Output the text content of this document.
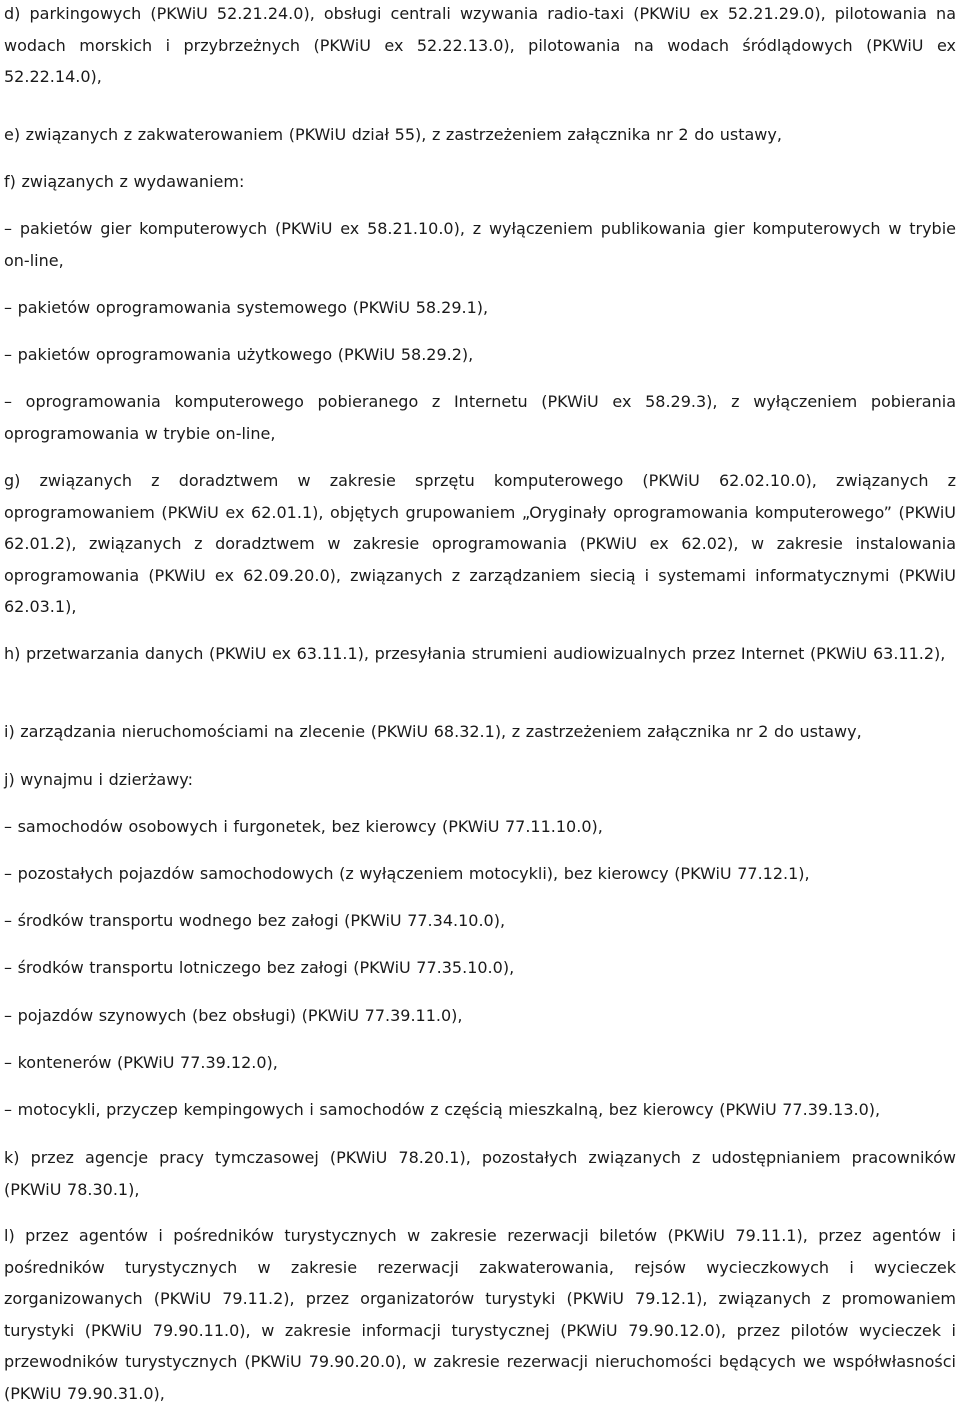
d) parkingowych (PKWiU 52.21.24.0), obsługi centrali wzywania radio-taxi (PKWiU ex 52.21.29.0), pilotowania na wodach morskich i przybrzeżnych (PKWiU ex 52.22.13.0), pilotowania na wodach śródlądowych (PKWiU ex 52.22.14.0),

e) związanych z zakwaterowaniem (PKWiU dział 55), z zastrzeżeniem załącznika nr 2 do ustawy,

f) związanych z wydawaniem:

– pakietów gier komputerowych (PKWiU ex 58.21.10.0), z wyłączeniem publikowania gier komputerowych w trybie on-line,

– pakietów oprogramowania systemowego (PKWiU 58.29.1),

– pakietów oprogramowania użytkowego (PKWiU 58.29.2),

– oprogramowania komputerowego pobieranego z Internetu (PKWiU ex 58.29.3), z wyłączeniem pobierania oprogramowania w trybie on-line,

g) związanych z doradztwem w zakresie sprzętu komputerowego (PKWiU 62.02.10.0), związanych z oprogramowaniem (PKWiU ex 62.01.1), objętych grupowaniem „Oryginały oprogramowania komputerowego” (PKWiU 62.01.2), związanych z doradztwem w zakresie oprogramowania (PKWiU ex 62.02), w zakresie instalowania oprogramowania (PKWiU ex 62.09.20.0), związanych z zarządzaniem siecią i systemami informatycznymi (PKWiU 62.03.1),

h) przetwarzania danych (PKWiU ex 63.11.1), przesyłania strumieni audiowizualnych przez Internet (PKWiU 63.11.2),

i) zarządzania nieruchomościami na zlecenie (PKWiU 68.32.1), z zastrzeżeniem załącznika nr 2 do ustawy,

j) wynajmu i dzierżawy:

– samochodów osobowych i furgonetek, bez kierowcy (PKWiU 77.11.10.0),

– pozostałych pojazdów samochodowych (z wyłączeniem motocykli), bez kierowcy (PKWiU 77.12.1),

– środków transportu wodnego bez załogi (PKWiU 77.34.10.0),

– środków transportu lotniczego bez załogi (PKWiU 77.35.10.0),

– pojazdów szynowych (bez obsługi) (PKWiU 77.39.11.0),

– kontenerów (PKWiU 77.39.12.0),

– motocykli, przyczep kempingowych i samochodów z częścią mieszkalną, bez kierowcy (PKWiU 77.39.13.0),

k) przez agencje pracy tymczasowej (PKWiU 78.20.1), pozostałych związanych z udostępnianiem pracowników (PKWiU 78.30.1),

l) przez agentów i pośredników turystycznych w zakresie rezerwacji biletów (PKWiU 79.11.1), przez agentów i pośredników turystycznych w zakresie rezerwacji zakwaterowania, rejsów wycieczkowych i wycieczek zorganizowanych (PKWiU 79.11.2), przez organizatorów turystyki (PKWiU 79.12.1), związanych z promowaniem turystyki (PKWiU 79.90.11.0), w zakresie informacji turystycznej (PKWiU 79.90.12.0), przez pilotów wycieczek i przewodników turystycznych (PKWiU 79.90.20.0), w zakresie rezerwacji nieruchomości będących we współwłasności (PKWiU 79.90.31.0),
